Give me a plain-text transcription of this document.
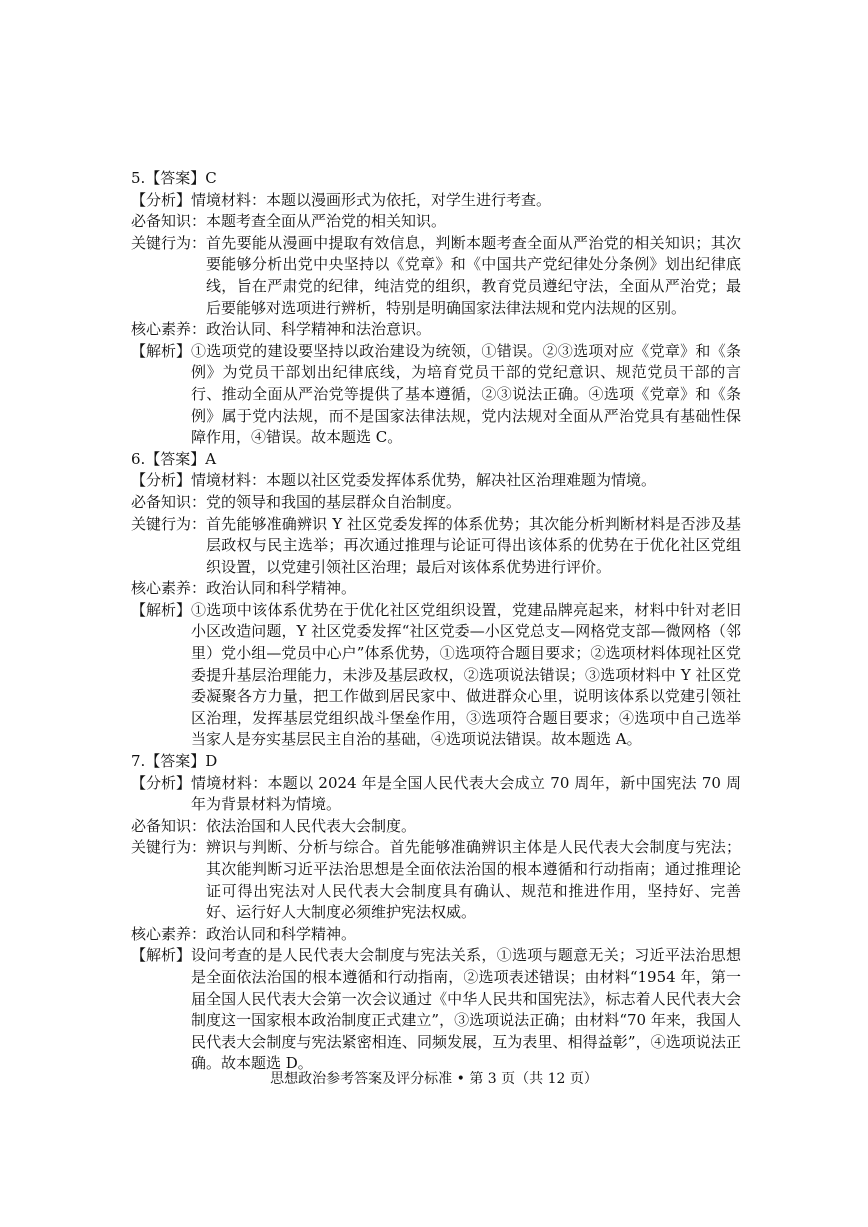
5.【答案】C
【分析】 情境材料：本题以漫画形式为依托，对学生进行考查。
必备知识： 本题考查全面从严治党的相关知识。
关键行为： 首先要能从漫画中提取有效信息，判断本题考查全面从严治党的相关知识；其次要能够分析出党中央坚持以《党章》和《中国共产党纪律处分条例》划出纪律底线，旨在严肃党的纪律，纯洁党的组织，教育党员遵纪守法，全面从严治党；最后要能够对选项进行辨析，特别是明确国家法律法规和党内法规的区别。
核心素养： 政治认同、科学精神和法治意识。
【解析】 ①选项党的建设要坚持以政治建设为统领，①错误。②③选项对应《党章》和《条例》为党员干部划出纪律底线，为培育党员干部的党纪意识、规范党员干部的言行、推动全面从严治党等提供了基本遵循，②③说法正确。④选项《党章》和《条例》属于党内法规，而不是国家法律法规，党内法规对全面从严治党具有基础性保障作用，④错误。故本题选 C。
6.【答案】A
【分析】 情境材料：本题以社区党委发挥体系优势，解决社区治理难题为情境。
必备知识： 党的领导和我国的基层群众自治制度。
关键行为： 首先能够准确辨识 Y 社区党委发挥的体系优势；其次能分析判断材料是否涉及基层政权与民主选举；再次通过推理与论证可得出该体系的优势在于优化社区党组织设置，以党建引领社区治理；最后对该体系优势进行评价。
核心素养： 政治认同和科学精神。
【解析】 ①选项中该体系优势在于优化社区党组织设置，党建品牌亮起来，材料中针对老旧小区改造问题，Y 社区党委发挥“社区党委—小区党总支—网格党支部—微网格（邻里）党小组—党员中心户”体系优势，①选项符合题目要求；②选项材料体现社区党委提升基层治理能力，未涉及基层政权，②选项说法错误；③选项材料中 Y 社区党委凝聚各方力量，把工作做到居民家中、做进群众心里，说明该体系以党建引领社区治理，发挥基层党组织战斗堡垒作用，③选项符合题目要求；④选项中自己选举当家人是夯实基层民主自治的基础，④选项说法错误。故本题选 A。
7.【答案】D
【分析】 情境材料：本题以 2024 年是全国人民代表大会成立 70 周年，新中国宪法 70 周年为背景材料为情境。
必备知识： 依法治国和人民代表大会制度。
关键行为： 辨识与判断、分析与综合。首先能够准确辨识主体是人民代表大会制度与宪法；其次能判断习近平法治思想是全面依法治国的根本遵循和行动指南；通过推理论证可得出宪法对人民代表大会制度具有确认、规范和推进作用，坚持好、完善好、运行好人大制度必须维护宪法权威。
核心素养： 政治认同和科学精神。
【解析】 设问考查的是人民代表大会制度与宪法关系，①选项与题意无关；习近平法治思想是全面依法治国的根本遵循和行动指南，②选项表述错误；由材料“1954 年，第一届全国人民代表大会第一次会议通过《中华人民共和国宪法》，标志着人民代表大会制度这一国家根本政治制度正式建立”，③选项说法正确；由材料“70 年来，我国人民代表大会制度与宪法紧密相连、同频发展，互为表里、相得益彰”，④选项说法正确。故本题选 D。
思想政治参考答案及评分标准 • 第 3 页（共 12 页）
